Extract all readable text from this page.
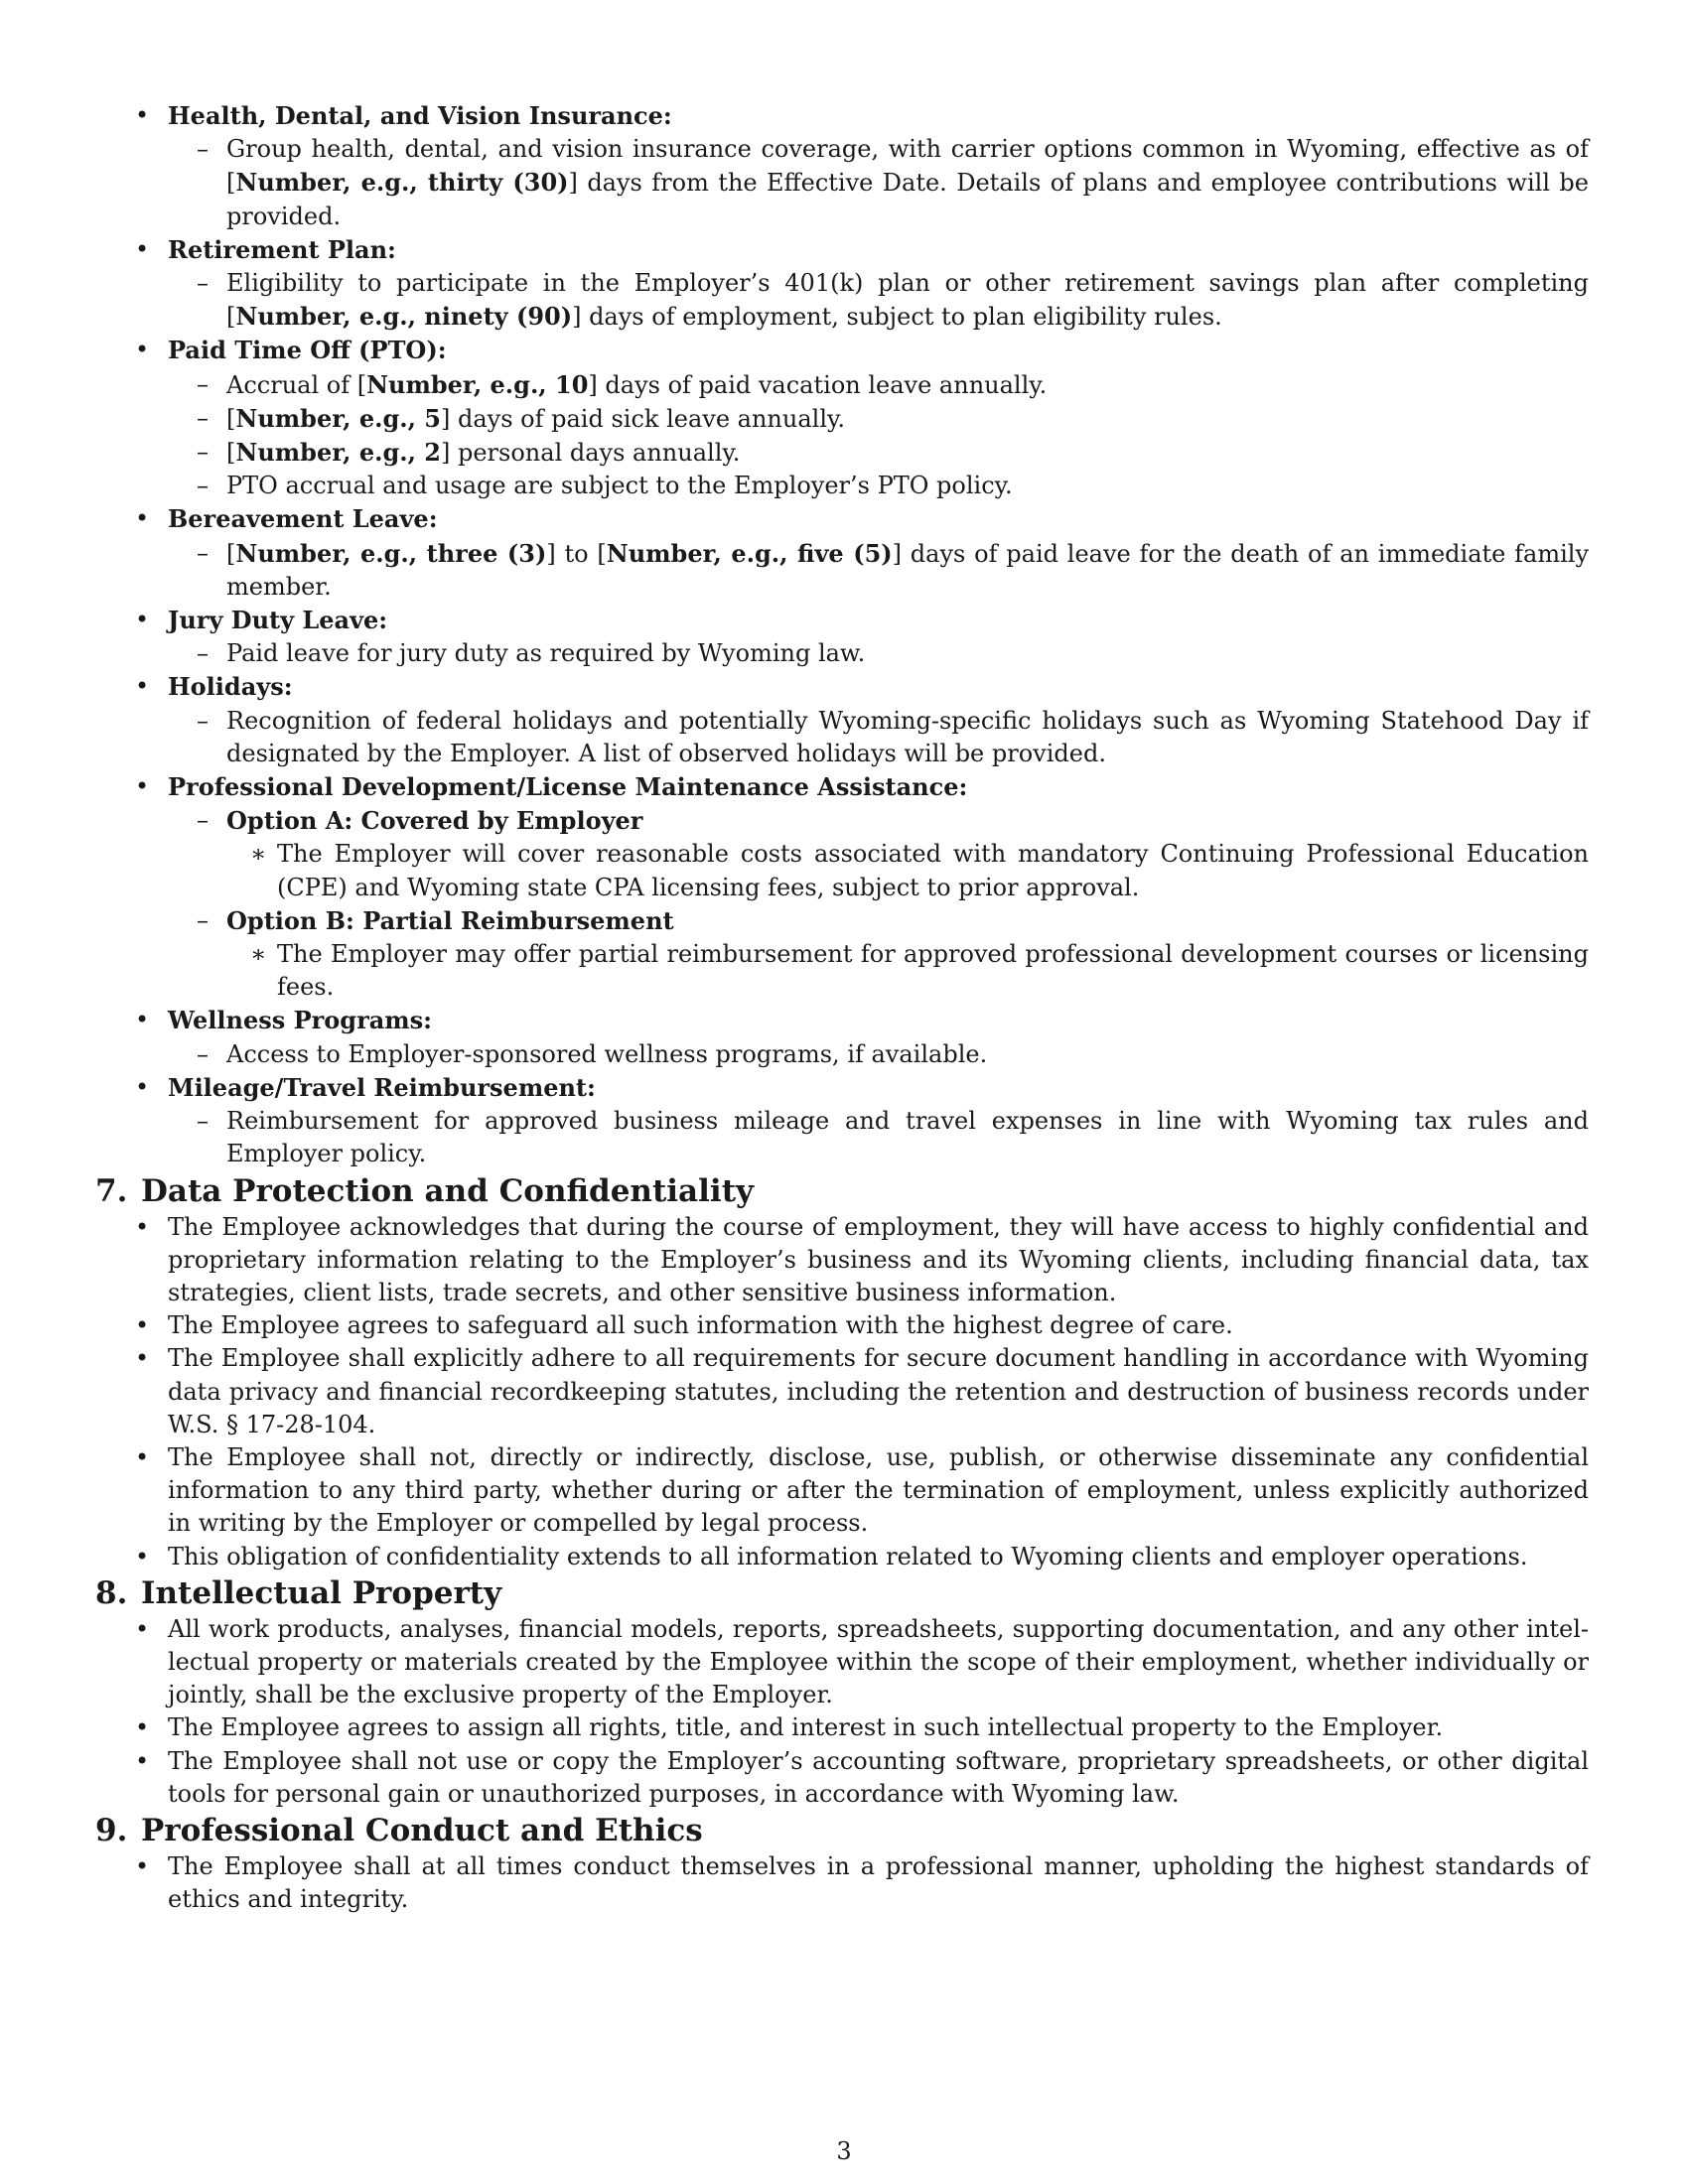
• Health, Dental, and Vision Insurance:
– Group health, dental, and vision insurance coverage, with carrier options common in Wyoming, effective as of [Number, e.g., thirty (30)] days from the Effective Date. Details of plans and employee contributions will be provided.
• Retirement Plan:
– Eligibility to participate in the Employer’s 401(k) plan or other retirement savings plan after completing [Number, e.g., ninety (90)] days of employment, subject to plan eligibility rules.
• Paid Time Off (PTO):
– Accrual of [Number, e.g., 10] days of paid vacation leave annually.
– [Number, e.g., 5] days of paid sick leave annually.
– [Number, e.g., 2] personal days annually.
– PTO accrual and usage are subject to the Employer’s PTO policy.
• Bereavement Leave:
– [Number, e.g., three (3)] to [Number, e.g., five (5)] days of paid leave for the death of an immediate family member.
• Jury Duty Leave:
– Paid leave for jury duty as required by Wyoming law.
• Holidays:
– Recognition of federal holidays and potentially Wyoming-specific holidays such as Wyoming Statehood Day if designated by the Employer. A list of observed holidays will be provided.
• Professional Development/License Maintenance Assistance:
– Option A: Covered by Employer
∗ The Employer will cover reasonable costs associated with mandatory Continuing Professional Education (CPE) and Wyoming state CPA licensing fees, subject to prior approval.
– Option B: Partial Reimbursement
∗ The Employer may offer partial reimbursement for approved professional development courses or licensing fees.
• Wellness Programs:
– Access to Employer-sponsored wellness programs, if available.
• Mileage/Travel Reimbursement:
– Reimbursement for approved business mileage and travel expenses in line with Wyoming tax rules and Employer policy.
7. Data Protection and Confidentiality
• The Employee acknowledges that during the course of employment, they will have access to highly confidential and proprietary information relating to the Employer’s business and its Wyoming clients, including financial data, tax strategies, client lists, trade secrets, and other sensitive business information.
• The Employee agrees to safeguard all such information with the highest degree of care.
• The Employee shall explicitly adhere to all requirements for secure document handling in accordance with Wyoming data privacy and financial recordkeeping statutes, including the retention and destruction of business records under W.S. § 17-28-104.
• The Employee shall not, directly or indirectly, disclose, use, publish, or otherwise disseminate any confidential information to any third party, whether during or after the termination of employment, unless explicitly authorized in writing by the Employer or compelled by legal process.
• This obligation of confidentiality extends to all information related to Wyoming clients and employer operations.
8. Intellectual Property
• All work products, analyses, financial models, reports, spreadsheets, supporting documentation, and any other intellectual property or materials created by the Employee within the scope of their employment, whether individually or jointly, shall be the exclusive property of the Employer.
• The Employee agrees to assign all rights, title, and interest in such intellectual property to the Employer.
• The Employee shall not use or copy the Employer’s accounting software, proprietary spreadsheets, or other digital tools for personal gain or unauthorized purposes, in accordance with Wyoming law.
9. Professional Conduct and Ethics
• The Employee shall at all times conduct themselves in a professional manner, upholding the highest standards of ethics and integrity.
3
